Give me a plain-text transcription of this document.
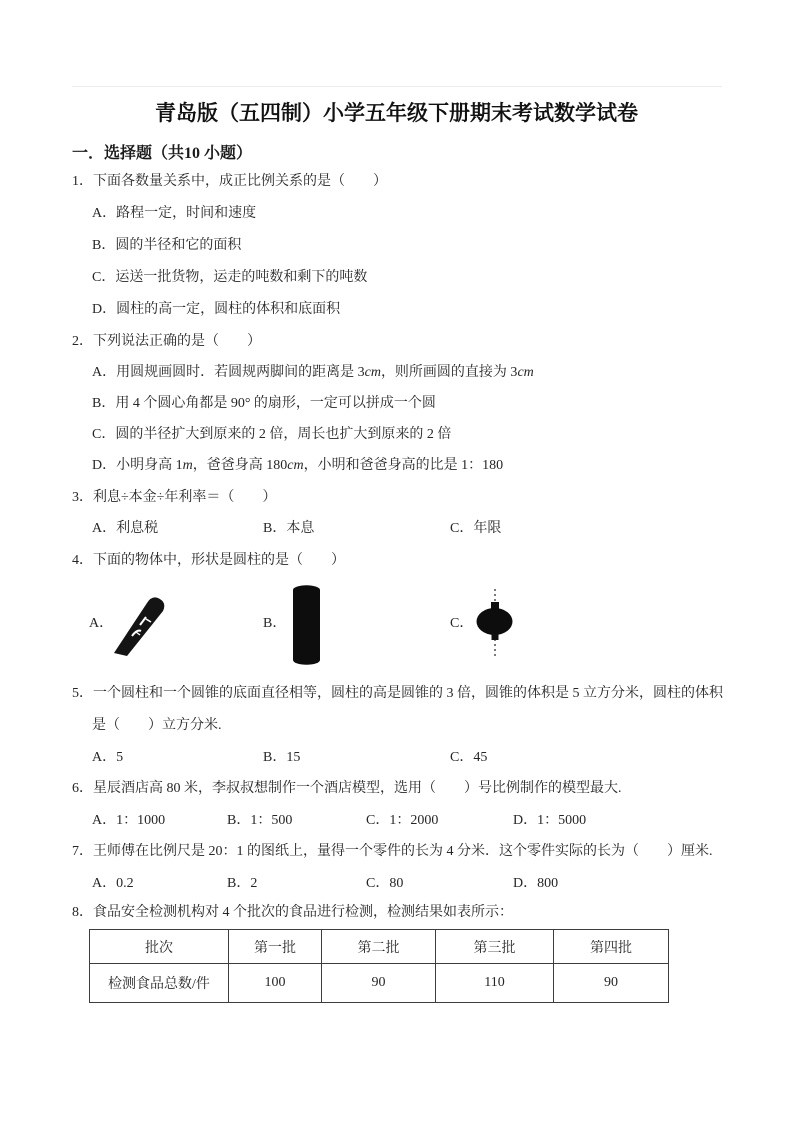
青岛版（五四制）小学五年级下册期末考试数学试卷
一．选择题（共10 小题）
1．下面各数量关系中，成正比例关系的是（　　）
A．路程一定，时间和速度
B．圆的半径和它的面积
C．运送一批货物，运走的吨数和剩下的吨数
D．圆柱的高一定，圆柱的体积和底面积
2．下列说法正确的是（　　）
A．用圆规画圆时．若圆规两脚间的距离是 3cm，则所画圆的直接为 3cm
B．用 4 个圆心角都是 90° 的扇形，一定可以拼成一个圆
C．圆的半径扩大到原来的 2 倍，周长也扩大到原来的 2 倍
D．小明身高 1m，爸爸身高 180cm，小明和爸爸身高的比是 1：180
3．利息÷本金÷年利率＝（　　）
A．利息税	B．本息	C．年限
4．下面的物体中，形状是圆柱的是（　　）
A．	B．	C．
5．一个圆柱和一个圆锥的底面直径相等，圆柱的高是圆锥的 3 倍，圆锥的体积是 5 立方分米，圆柱的体积
是（　　）立方分米.
A．5	B．15	C．45
6．星辰酒店高 80 米，李叔叔想制作一个酒店模型，选用（　　）号比例制作的模型最大.
A．1：1000	B．1：500	C．1：2000	D．1：5000
7．王师傅在比例尺是 20：1 的图纸上，量得一个零件的长为 4 分米．这个零件实际的长为（　　）厘米.
A．0.2	B．2	C．80	D．800
8．食品安全检测机构对 4 个批次的食品进行检测，检测结果如表所示：
批次	第一批	第二批	第三批	第四批
检测食品总数/件	100	90	110	90
